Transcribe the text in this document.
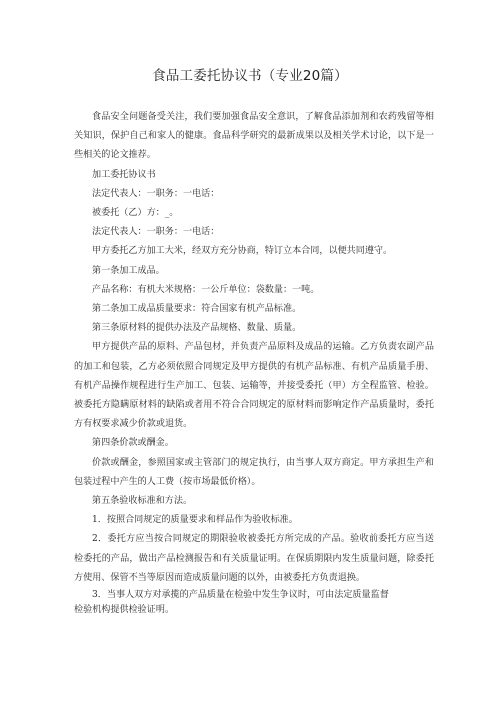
食品工委托协议书（专业20篇）

食品安全问题备受关注，我们要加强食品安全意识，了解食品添加剂和农药残留等相关知识，保护自己和家人的健康。食品科学研究的最新成果以及相关学术讨论，以下是一些相关的论文推荐。

加工委托协议书

法定代表人：一职务：一电话：

被委托（乙）方：_。

法定代表人：一职务：一电话：

甲方委托乙方加工大米，经双方充分协商，特订立本合同，以便共同遵守。

第一条加工成品。

产品名称：有机大米规格：一公斤单位：袋数量：一吨。

第二条加工成品质量要求：符合国家有机产品标准。

第三条原材料的提供办法及产品规格、数量、质量。

甲方提供产品的原料、产品包材，并负责产品原料及成品的运输。乙方负责农副产品的加工和包装，乙方必须依照合同规定及甲方提供的有机产品标准、有机产品质量手册、有机产品操作规程进行生产加工、包装、运输等，并接受委托（甲）方全程监管、检验。被委托方隐瞒原材料的缺陷或者用不符合合同规定的原材料而影响定作产品质量时，委托方有权要求减少价款或退货。

第四条价款或酬金。

价款或酬金，参照国家或主管部门的规定执行，由当事人双方商定。甲方承担生产和包装过程中产生的人工费（按市场最低价格）。

第五条验收标准和方法。

1．按照合同规定的质量要求和样品作为验收标准。

2．委托方应当按合同规定的期限验收被委托方所完成的产品。验收前委托方应当送检委托的产品，做出产品检测报告和有关质量证明。在保质期限内发生质量问题，除委托方使用、保管不当等原因而造成质量问题的以外，由被委托方负责退换。

3．当事人双方对承揽的产品质量在检验中发生争议时，可由法定质量监督

检验机构提供检验证明。
